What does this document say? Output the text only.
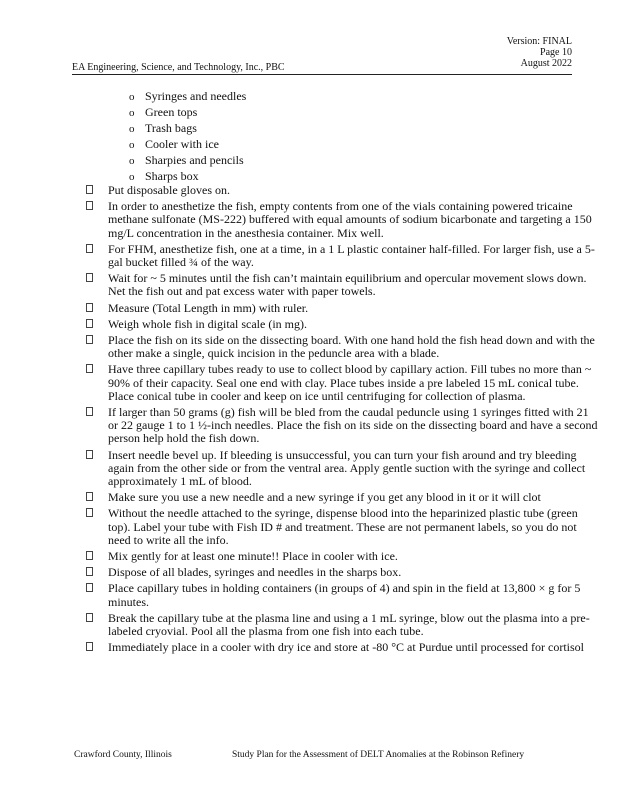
Version: FINAL
Page 10
August 2022
EA Engineering, Science, and Technology, Inc., PBC
o Syringes and needles
o Green tops
o Trash bags
o Cooler with ice
o Sharpies and pencils
o Sharps box
Put disposable gloves on.
In order to anesthetize the fish, empty contents from one of the vials containing powered tricaine methane sulfonate (MS-222) buffered with equal amounts of sodium bicarbonate and targeting a 150 mg/L concentration in the anesthesia container. Mix well.
For FHM, anesthetize fish, one at a time, in a 1 L plastic container half-filled. For larger fish, use a 5-gal bucket filled ¾ of the way.
Wait for ~ 5 minutes until the fish can’t maintain equilibrium and opercular movement slows down. Net the fish out and pat excess water with paper towels.
Measure (Total Length in mm) with ruler.
Weigh whole fish in digital scale (in mg).
Place the fish on its side on the dissecting board. With one hand hold the fish head down and with the other make a single, quick incision in the peduncle area with a blade.
Have three capillary tubes ready to use to collect blood by capillary action. Fill tubes no more than ~ 90% of their capacity. Seal one end with clay. Place tubes inside a pre labeled 15 mL conical tube. Place conical tube in cooler and keep on ice until centrifuging for collection of plasma.
If larger than 50 grams (g) fish will be bled from the caudal peduncle using 1 syringes fitted with 21 or 22 gauge 1 to 1 ½-inch needles. Place the fish on its side on the dissecting board and have a second person help hold the fish down.
Insert needle bevel up. If bleeding is unsuccessful, you can turn your fish around and try bleeding again from the other side or from the ventral area. Apply gentle suction with the syringe and collect approximately 1 mL of blood.
Make sure you use a new needle and a new syringe if you get any blood in it or it will clot
Without the needle attached to the syringe, dispense blood into the heparinized plastic tube (green top). Label your tube with Fish ID # and treatment. These are not permanent labels, so you do not need to write all the info.
Mix gently for at least one minute!! Place in cooler with ice.
Dispose of all blades, syringes and needles in the sharps box.
Place capillary tubes in holding containers (in groups of 4) and spin in the field at 13,800 × g for 5 minutes.
Break the capillary tube at the plasma line and using a 1 mL syringe, blow out the plasma into a pre-labeled cryovial. Pool all the plasma from one fish into each tube.
Immediately place in a cooler with dry ice and store at -80 °C at Purdue until processed for cortisol
Crawford County, Illinois	Study Plan for the Assessment of DELT Anomalies at the Robinson Refinery
